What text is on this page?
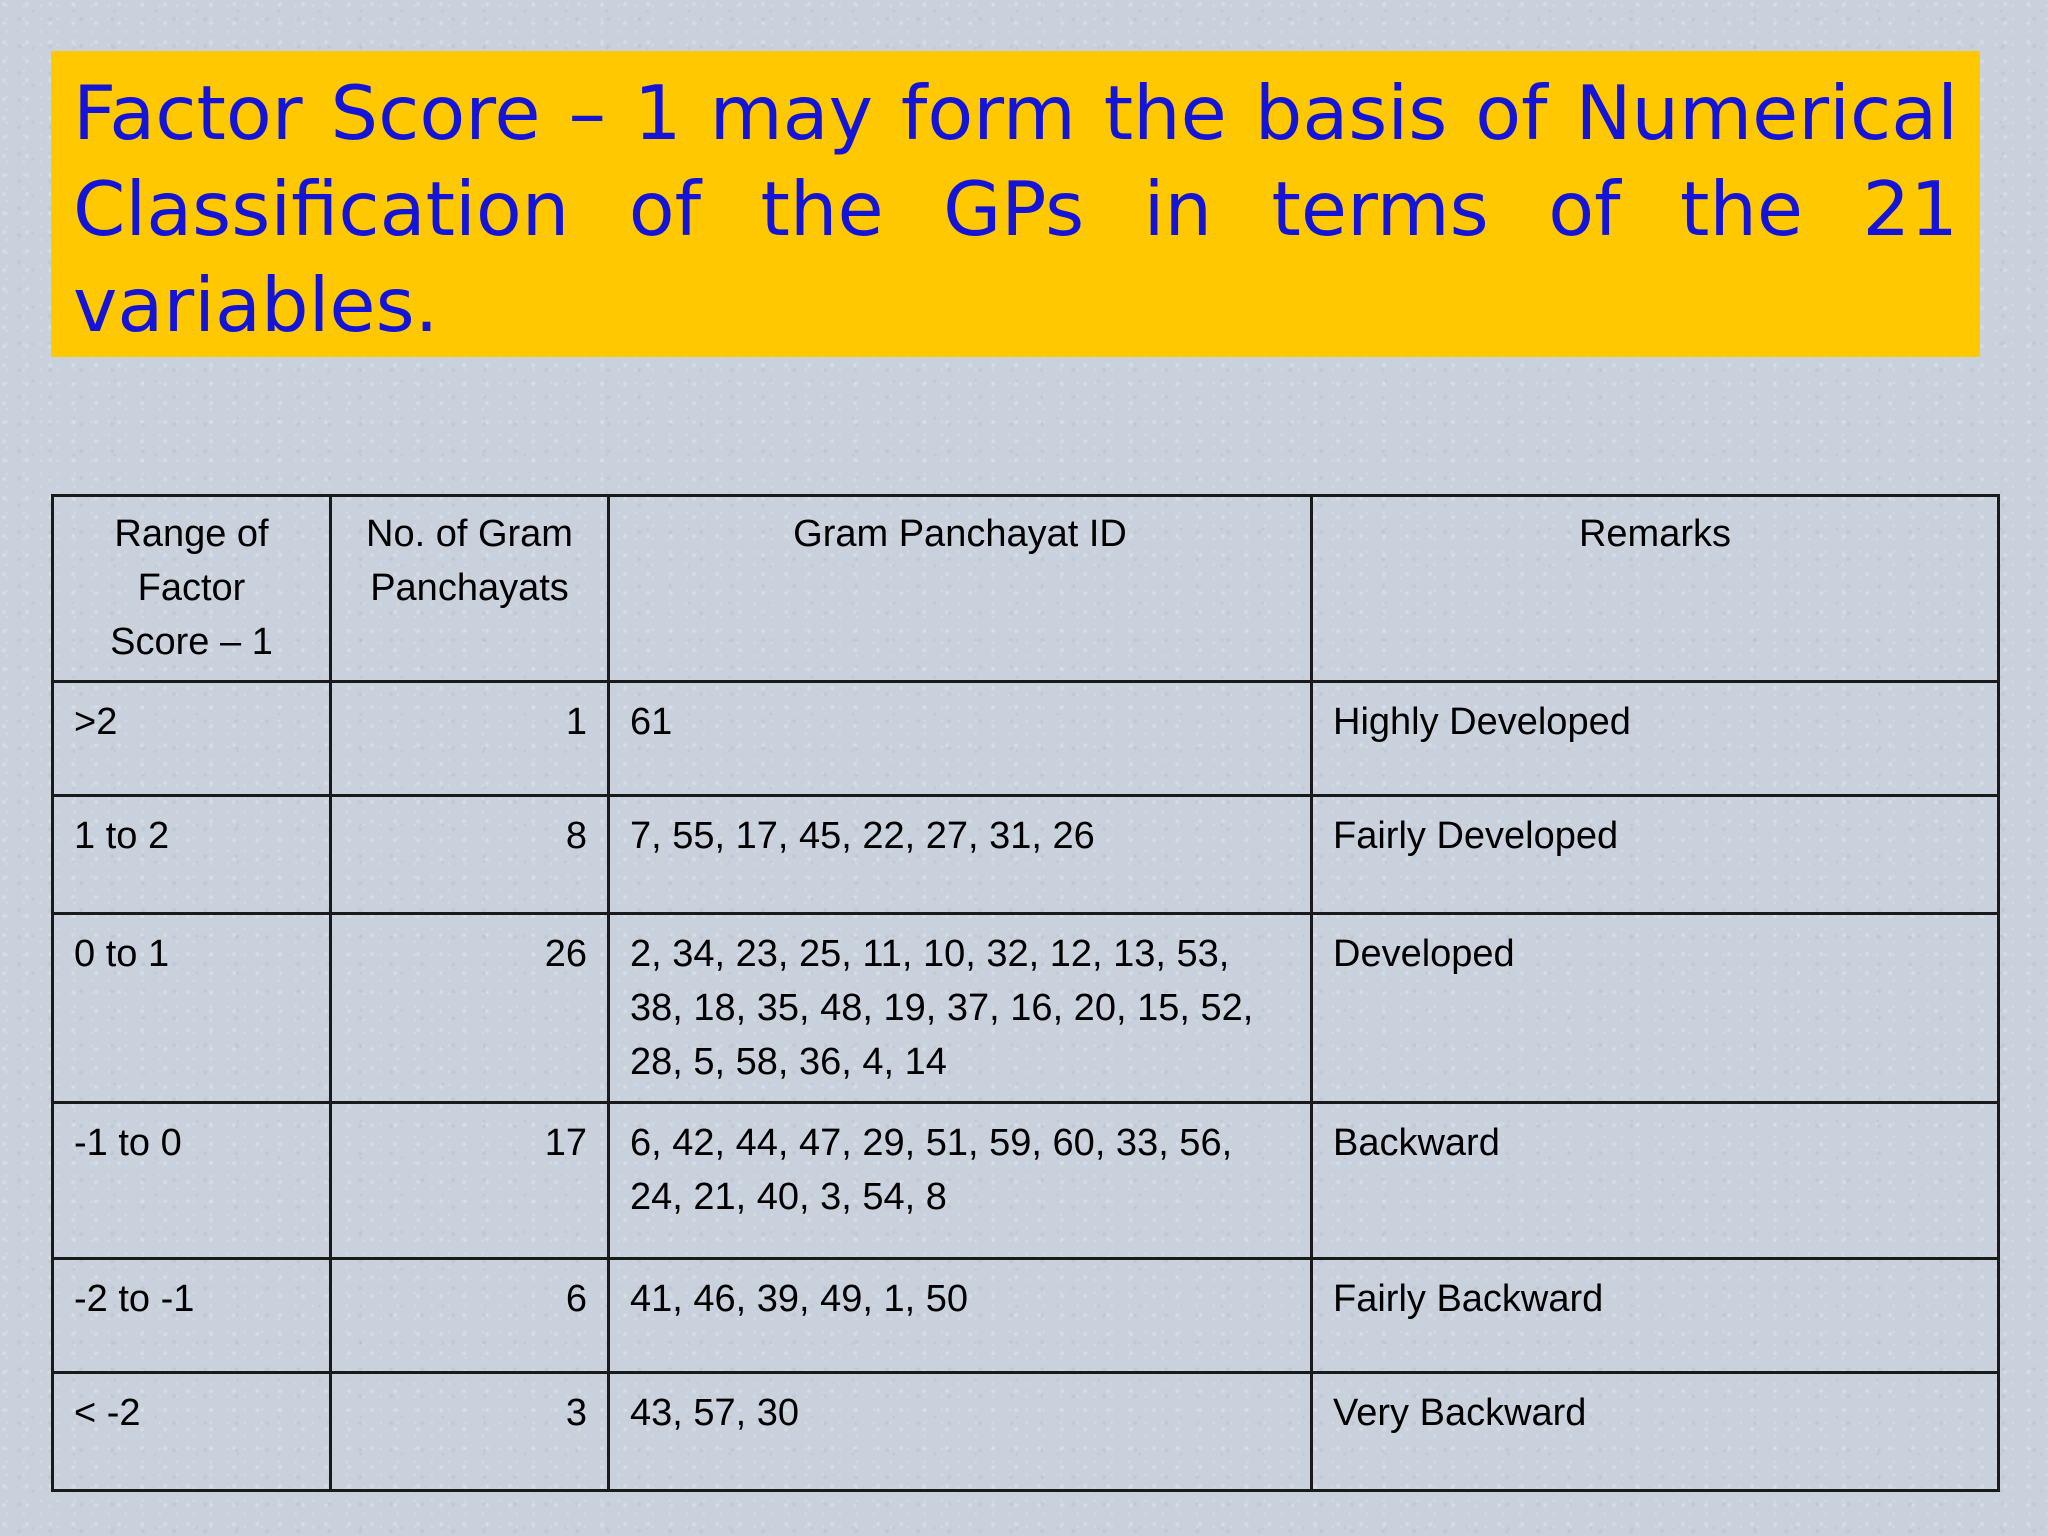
Factor Score – 1 may form the basis of Numerical Classification of the GPs in terms of the 21 variables.

Range of Factor Score – 1	No. of Gram Panchayats	Gram Panchayat ID	Remarks
>2	1	61	Highly Developed
1 to 2	8	7, 55, 17, 45, 22, 27, 31, 26	Fairly Developed
0 to 1	26	2, 34, 23, 25, 11, 10, 32, 12, 13, 53, 38, 18, 35, 48, 19, 37, 16, 20, 15, 52, 28, 5, 58, 36, 4, 14	Developed
-1 to 0	17	6, 42, 44, 47, 29, 51, 59, 60, 33, 56, 24, 21, 40, 3, 54, 8	Backward
-2 to -1	6	41, 46, 39, 49, 1, 50	Fairly Backward
< -2	3	43, 57, 30	Very Backward
